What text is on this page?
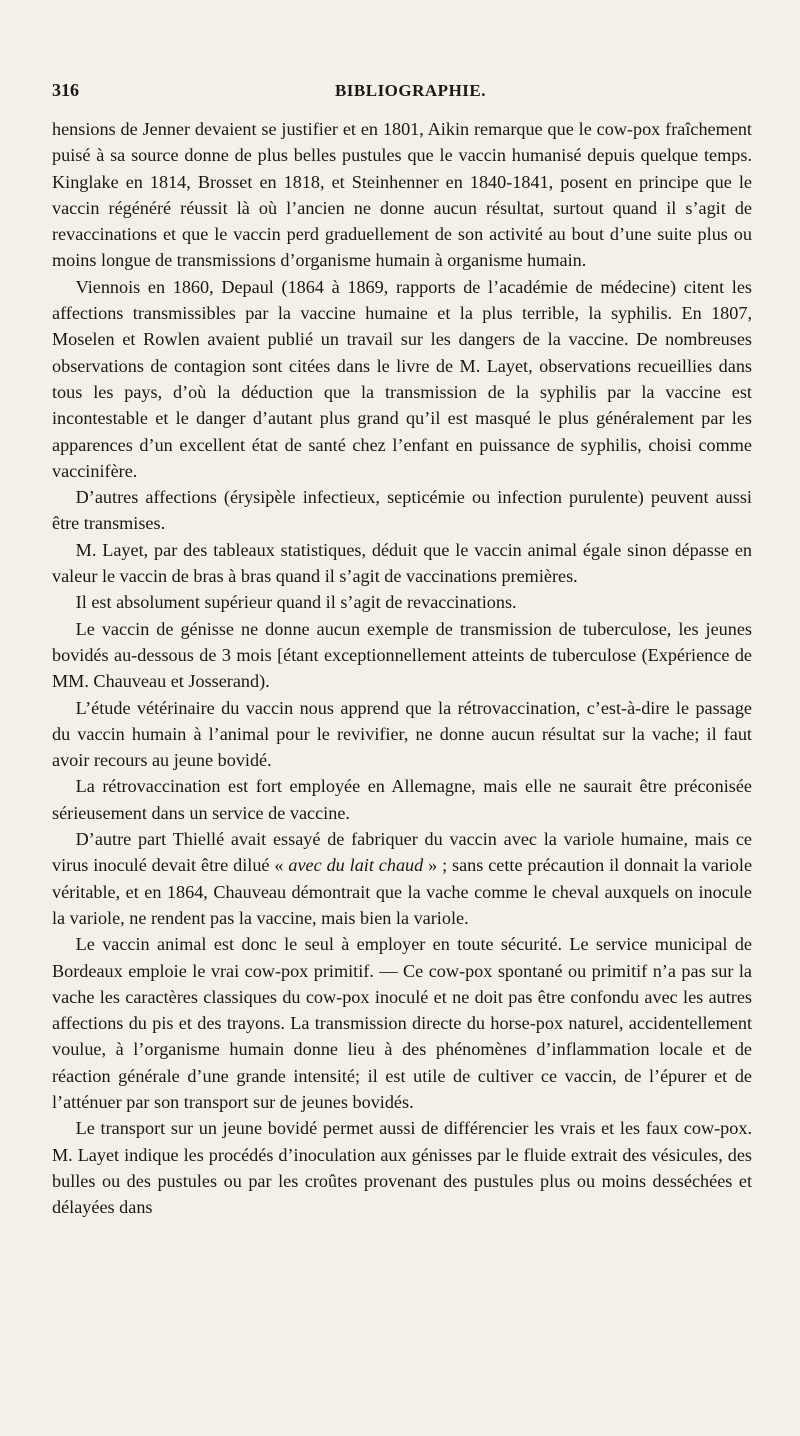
316	BIBLIOGRAPHIE.

hensions de Jenner devaient se justifier et en 1801, Aikin remarque que le cow-pox fraîchement puisé à sa source donne de plus belles pustules que le vaccin humanisé depuis quelque temps. Kinglake en 1814, Brosset en 1818, et Steinhenner en 1840-1841, posent en principe que le vaccin régénéré réussit là où l’ancien ne donne aucun résultat, surtout quand il s’agit de revaccinations et que le vaccin perd graduellement de son activité au bout d’une suite plus ou moins longue de transmissions d’organisme humain à organisme humain.

Viennois en 1860, Depaul (1864 à 1869, rapports de l’académie de médecine) citent les affections transmissibles par la vaccine humaine et la plus terrible, la syphilis. En 1807, Moselen et Rowlen avaient publié un travail sur les dangers de la vaccine. De nombreuses observations de contagion sont citées dans le livre de M. Layet, observations recueillies dans tous les pays, d’où la déduction que la transmission de la syphilis par la vaccine est incontestable et le danger d’autant plus grand qu’il est masqué le plus généralement par les apparences d’un excellent état de santé chez l’enfant en puissance de syphilis, choisi comme vaccinifère.

D’autres affections (érysipèle infectieux, septicémie ou infection purulente) peuvent aussi être transmises.

M. Layet, par des tableaux statistiques, déduit que le vaccin animal égale sinon dépasse en valeur le vaccin de bras à bras quand il s’agit de vaccinations premières.

Il est absolument supérieur quand il s’agit de revaccinations.

Le vaccin de génisse ne donne aucun exemple de transmission de tuberculose, les jeunes bovidés au-dessous de 3 mois [étant exceptionnellement atteints de tuberculose (Expérience de MM. Chauveau et Josserand).

L’étude vétérinaire du vaccin nous apprend que la rétrovaccination, c’est-à-dire le passage du vaccin humain à l’animal pour le revivifier, ne donne aucun résultat sur la vache; il faut avoir recours au jeune bovidé.

La rétrovaccination est fort employée en Allemagne, mais elle ne saurait être préconisée sérieusement dans un service de vaccine.

D’autre part Thiellé avait essayé de fabriquer du vaccin avec la variole humaine, mais ce virus inoculé devait être dilué « avec du lait chaud » ; sans cette précaution il donnait la variole véritable, et en 1864, Chauveau démontrait que la vache comme le cheval auxquels on inocule la variole, ne rendent pas la vaccine, mais bien la variole.

Le vaccin animal est donc le seul à employer en toute sécurité. Le service municipal de Bordeaux emploie le vrai cow-pox primitif. — Ce cow-pox spontané ou primitif n’a pas sur la vache les caractères classiques du cow-pox inoculé et ne doit pas être confondu avec les autres affections du pis et des trayons. La transmission directe du horse-pox naturel, accidentellement voulue, à l’organisme humain donne lieu à des phénomènes d’inflammation locale et de réaction générale d’une grande intensité; il est utile de cultiver ce vaccin, de l’épurer et de l’atténuer par son transport sur de jeunes bovidés.

Le transport sur un jeune bovidé permet aussi de différencier les vrais et les faux cow-pox. M. Layet indique les procédés d’inoculation aux génisses par le fluide extrait des vésicules, des bulles ou des pustules ou par les croûtes provenant des pustules plus ou moins desséchées et délayées dans
